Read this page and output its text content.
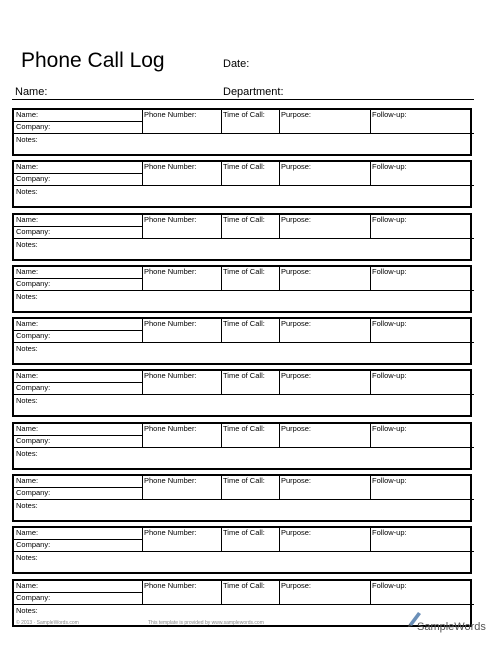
Phone Call Log	Date:
Name:	Department:
Name:
Company:
Phone Number:	Time of Call:	Purpose:	Follow-up:
Notes:
Name:
Company:
Phone Number:	Time of Call:	Purpose:	Follow-up:
Notes:
Name:
Company:
Phone Number:	Time of Call:	Purpose:	Follow-up:
Notes:
Name:
Company:
Phone Number:	Time of Call:	Purpose:	Follow-up:
Notes:
Name:
Company:
Phone Number:	Time of Call:	Purpose:	Follow-up:
Notes:
Name:
Company:
Phone Number:	Time of Call:	Purpose:	Follow-up:
Notes:
Name:
Company:
Phone Number:	Time of Call:	Purpose:	Follow-up:
Notes:
Name:
Company:
Phone Number:	Time of Call:	Purpose:	Follow-up:
Notes:
Name:
Company:
Phone Number:	Time of Call:	Purpose:	Follow-up:
Notes:
Name:
Company:
Phone Number:	Time of Call:	Purpose:	Follow-up:
Notes:
© 2013 · SampleWords.com	This template is provided by www.samplewords.com	SampleWords
